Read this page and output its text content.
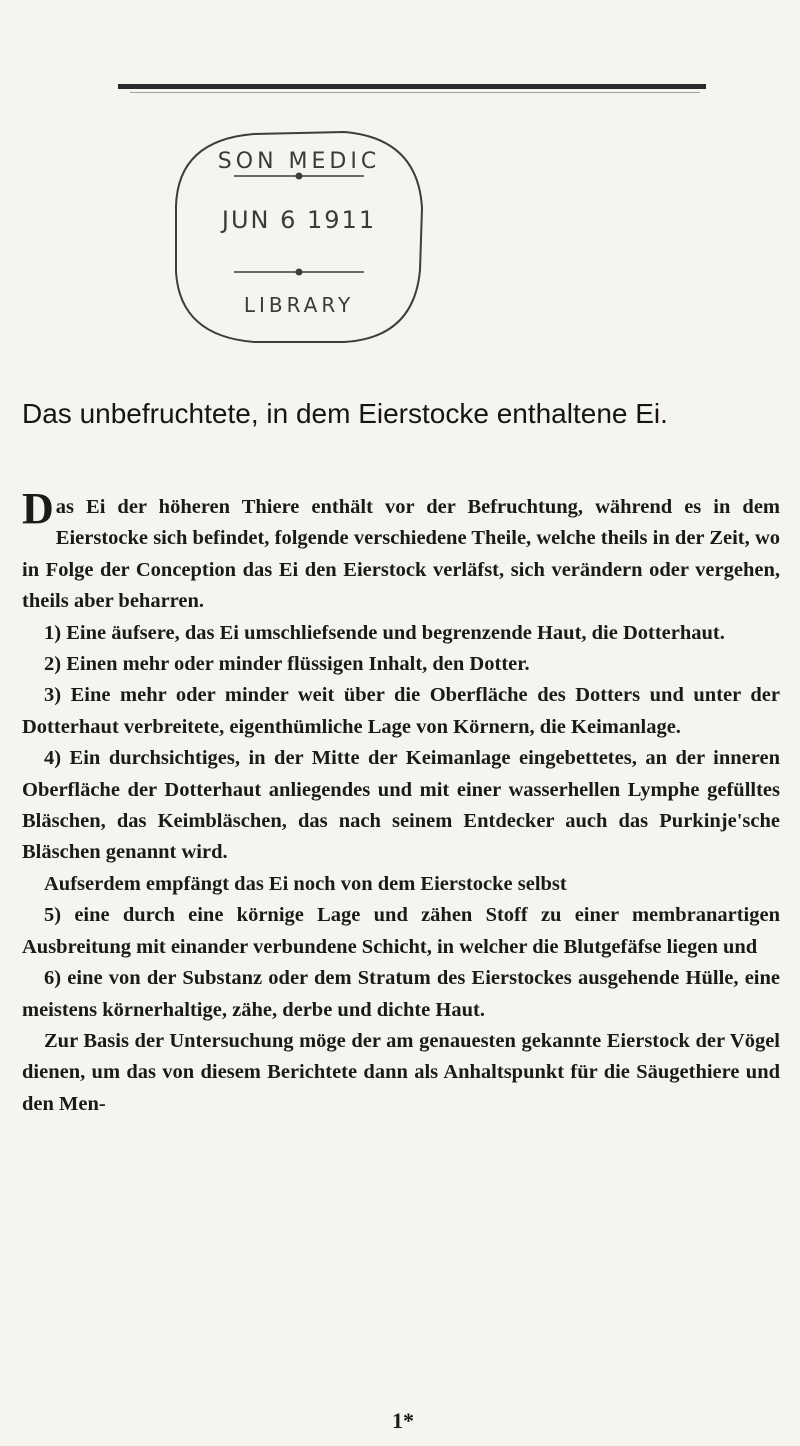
SON MEDIC
JUN 6 1911
LIBRARY
Das unbefruchtete, in dem Eierstocke enthaltenе Ei.

Das Ei der höheren Thiere enthält vor der Befruchtung, während es in dem Eierstocke sich befindet, folgende verschiedene Theile, welche theils in der Zeit, wo in Folge der Conception das Ei den Eierstock verläfst, sich verändern oder vergehen, theils aber beharren.

1) Eine äufsere, das Ei umschliefsende und begrenzende Haut, die Dotterhaut.

2) Einen mehr oder minder flüssigen Inhalt, den Dotter.

3) Eine mehr oder minder weit über die Oberfläche des Dotters und unter der Dotterhaut verbreitete, eigenthümliche Lage von Körnern, die Keimanlage.

4) Ein durchsichtiges, in der Mitte der Keimanlage eingebettetes, an der inneren Oberfläche der Dotterhaut anliegendes und mit einer wasserhellen Lymphe gefülltes Bläschen, das Keimbläschen, das nach seinem Entdecker auch das Purkinje'sche Bläschen genannt wird.

Aufserdem empfängt das Ei noch von dem Eierstocke selbst

5) eine durch eine körnige Lage und zähen Stoff zu einer membranartigen Ausbreitung mit einander verbundene Schicht, in welcher die Blutgefäfse liegen und

6) eine von der Substanz oder dem Stratum des Eierstockes ausgehende Hülle, eine meistens körnerhaltige, zähe, derbe und dichte Haut.

Zur Basis der Untersuchung möge der am genauesten gekannte Eierstock der Vögel dienen, um das von diesem Berichtete dann als Anhaltspunkt für die Säugethiere und den Men-

1*
